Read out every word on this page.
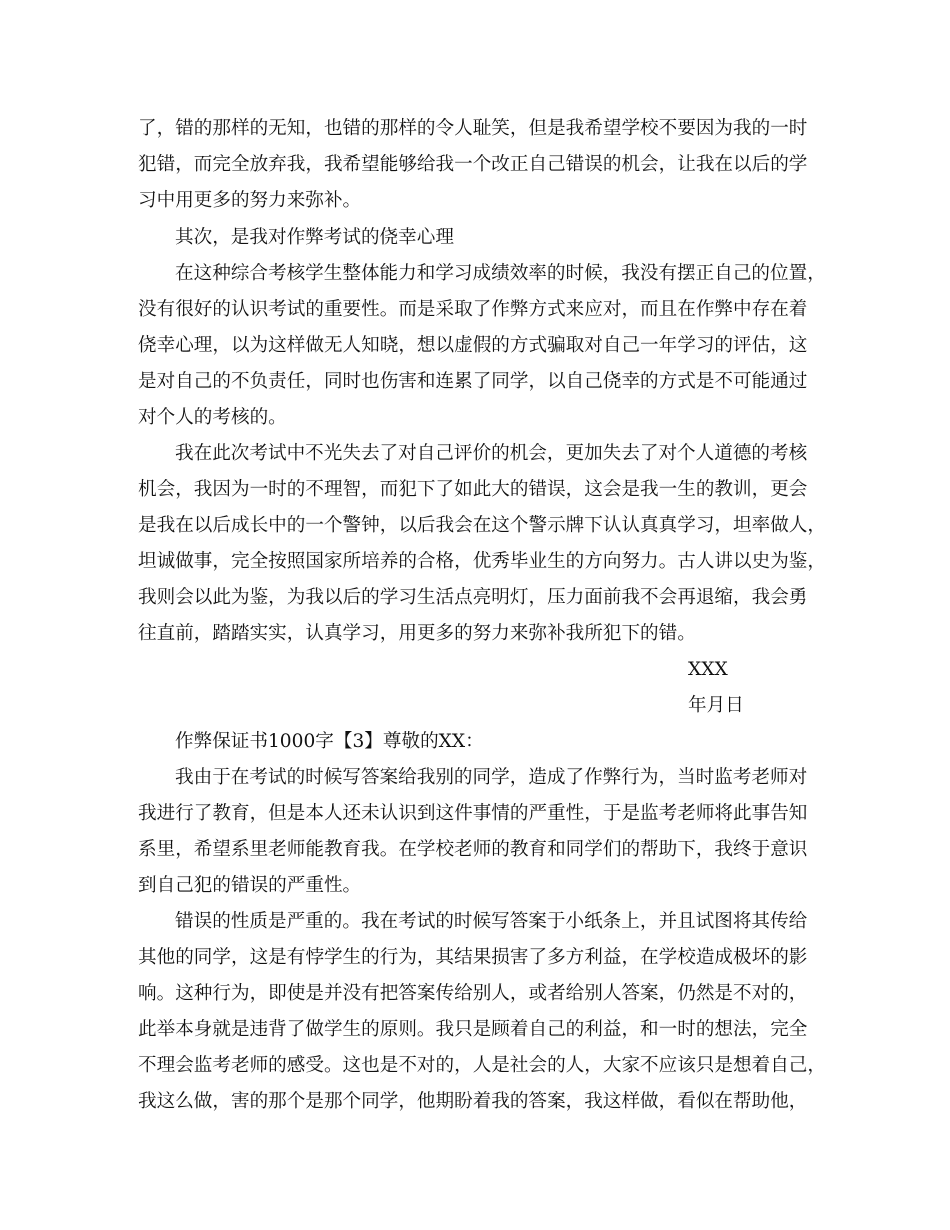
了，错的那样的无知，也错的那样的令人耻笑，但是我希望学校不要因为我的一时
犯错，而完全放弃我，我希望能够给我一个改正自己错误的机会，让我在以后的学
习中用更多的努力来弥补。
其次，是我对作弊考试的侥幸心理
在这种综合考核学生整体能力和学习成绩效率的时候，我没有摆正自己的位置，
没有很好的认识考试的重要性。而是采取了作弊方式来应对，而且在作弊中存在着
侥幸心理，以为这样做无人知晓，想以虚假的方式骗取对自己一年学习的评估，这
是对自己的不负责任，同时也伤害和连累了同学，以自己侥幸的方式是不可能通过
对个人的考核的。
我在此次考试中不光失去了对自己评价的机会，更加失去了对个人道德的考核
机会，我因为一时的不理智，而犯下了如此大的错误，这会是我一生的教训，更会
是我在以后成长中的一个警钟，以后我会在这个警示牌下认认真真学习，坦率做人，
坦诚做事，完全按照国家所培养的合格，优秀毕业生的方向努力。古人讲以史为鉴，
我则会以此为鉴，为我以后的学习生活点亮明灯，压力面前我不会再退缩，我会勇
往直前，踏踏实实，认真学习，用更多的努力来弥补我所犯下的错。
XXX
年月日
作弊保证书1000字【3】尊敬的XX：
我由于在考试的时候写答案给我别的同学，造成了作弊行为，当时监考老师对
我进行了教育，但是本人还未认识到这件事情的严重性，于是监考老师将此事告知
系里，希望系里老师能教育我。在学校老师的教育和同学们的帮助下，我终于意识
到自己犯的错误的严重性。
错误的性质是严重的。我在考试的时候写答案于小纸条上，并且试图将其传给
其他的同学，这是有悖学生的行为，其结果损害了多方利益，在学校造成极坏的影
响。这种行为，即使是并没有把答案传给别人，或者给别人答案，仍然是不对的，
此举本身就是违背了做学生的原则。我只是顾着自己的利益，和一时的想法，完全
不理会监考老师的感受。这也是不对的，人是社会的人，大家不应该只是想着自己，
我这么做，害的那个是那个同学，他期盼着我的答案，我这样做，看似在帮助他，
